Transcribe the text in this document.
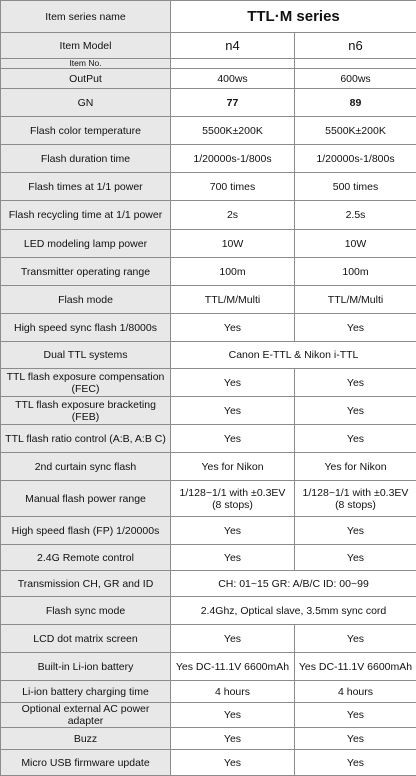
Item series name	TTL·M series	
Item Model	n4	n6
Item No.		
OutPut	400ws	600ws
GN	77	89
Flash color temperature	5500K±200K	5500K±200K
Flash duration time	1/20000s-1/800s	1/20000s-1/800s
Flash times at 1/1 power	700 times	500 times
Flash recycling time at 1/1 power	2s	2.5s
LED modeling lamp power	10W	10W
Transmitter operating range	100m	100m
Flash mode	TTL/M/Multi	TTL/M/Multi
High speed sync flash 1/8000s	Yes	Yes
Dual TTL systems	Canon E-TTL & Nikon i-TTL	
TTL flash exposure compensation (FEC)	Yes	Yes
TTL flash exposure bracketing (FEB)	Yes	Yes
TTL flash ratio control (A:B, A:B C)	Yes	Yes
2nd curtain sync flash	Yes for Nikon	Yes for Nikon
Manual flash power range	1/128~1/1 with ±0.3EV (8 stops)	1/128~1/1 with ±0.3EV (8 stops)
High speed flash (FP) 1/20000s	Yes	Yes
2.4G Remote control	Yes	Yes
Transmission CH, GR and ID	CH: 01~15 GR: A/B/C ID: 00~99	
Flash sync mode	2.4Ghz, Optical slave, 3.5mm sync cord	
LCD dot matrix screen	Yes	Yes
Built-in Li-ion battery	Yes DC-11.1V 6600mAh	Yes DC-11.1V 6600mAh
Li-ion battery charging time	4 hours	4 hours
Optional external AC power adapter	Yes	Yes
Buzz	Yes	Yes
Micro USB firmware update	Yes	Yes
